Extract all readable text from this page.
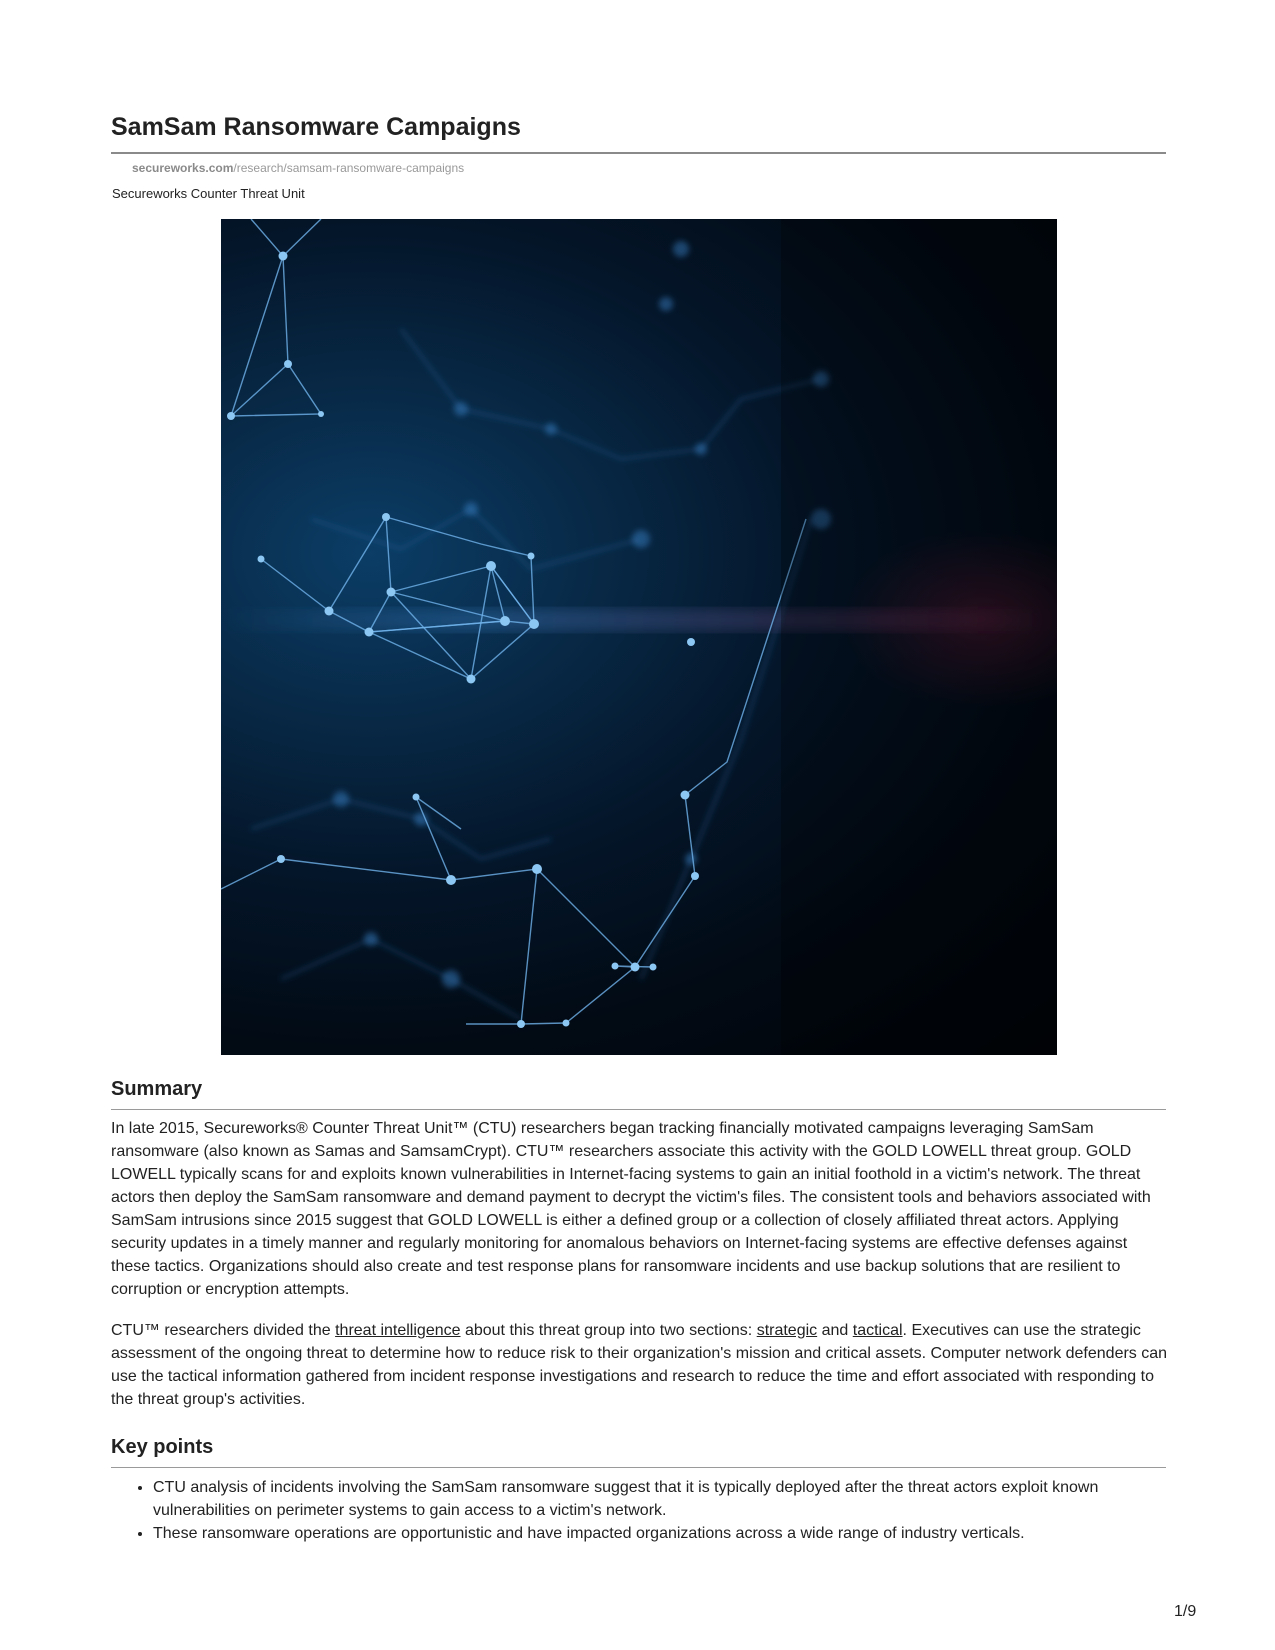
SamSam Ransomware Campaigns
secureworks.com/research/samsam-ransomware-campaigns
Secureworks Counter Threat Unit
Summary

In late 2015, Secureworks® Counter Threat Unit™ (CTU) researchers began tracking financially motivated campaigns leveraging SamSam ransomware (also known as Samas and SamsamCrypt). CTU™ researchers associate this activity with the GOLD LOWELL threat group. GOLD LOWELL typically scans for and exploits known vulnerabilities in Internet-facing systems to gain an initial foothold in a victim's network. The threat actors then deploy the SamSam ransomware and demand payment to decrypt the victim's files. The consistent tools and behaviors associated with SamSam intrusions since 2015 suggest that GOLD LOWELL is either a defined group or a collection of closely affiliated threat actors. Applying security updates in a timely manner and regularly monitoring for anomalous behaviors on Internet-facing systems are effective defenses against these tactics. Organizations should also create and test response plans for ransomware incidents and use backup solutions that are resilient to corruption or encryption attempts.

CTU™ researchers divided the threat intelligence about this threat group into two sections: strategic and tactical. Executives can use the strategic assessment of the ongoing threat to determine how to reduce risk to their organization's mission and critical assets. Computer network defenders can use the tactical information gathered from incident response investigations and research to reduce the time and effort associated with responding to the threat group's activities.

Key points
• CTU analysis of incidents involving the SamSam ransomware suggest that it is typically deployed after the threat actors exploit known vulnerabilities on perimeter systems to gain access to a victim's network.
• These ransomware operations are opportunistic and have impacted organizations across a wide range of industry verticals.
1/9
